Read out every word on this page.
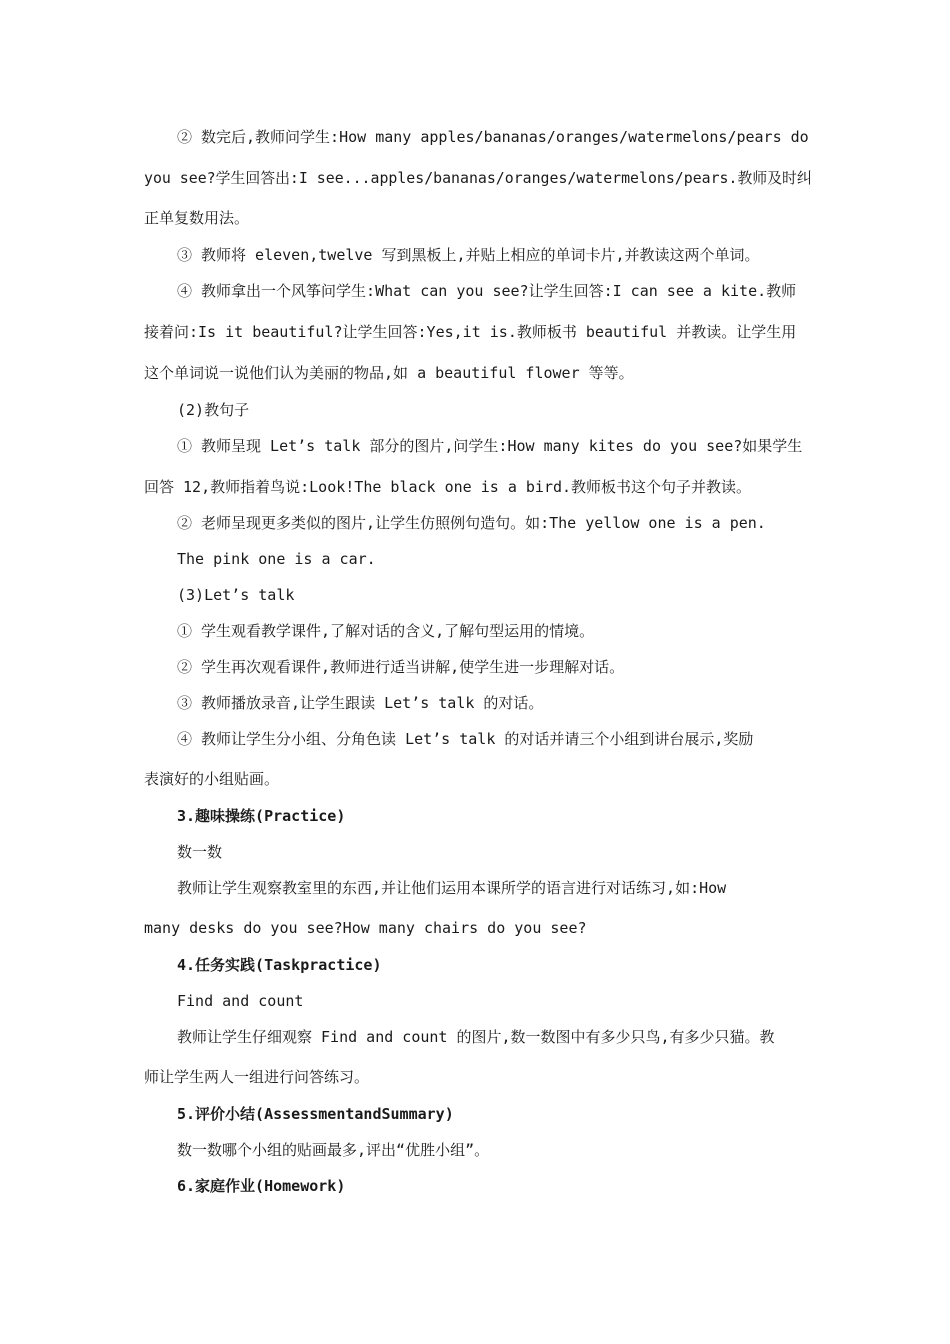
② 数完后,教师问学生:How many apples/bananas/oranges/watermelons/pears do
you see?学生回答出:I see...apples/bananas/oranges/watermelons/pears.教师及时纠
正单复数用法。
③ 教师将 eleven,twelve 写到黑板上,并贴上相应的单词卡片,并教读这两个单词。
④ 教师拿出一个风筝问学生:What can you see?让学生回答:I can see a kite.教师
接着问:Is it beautiful?让学生回答:Yes,it is.教师板书 beautiful 并教读。让学生用
这个单词说一说他们认为美丽的物品,如 a beautiful flower 等等。
(2)教句子
① 教师呈现 Let’s talk 部分的图片,问学生:How many kites do you see?如果学生
回答 12,教师指着鸟说:Look!The black one is a bird.教师板书这个句子并教读。
② 老师呈现更多类似的图片,让学生仿照例句造句。如:The yellow one is a pen.
The pink one is a car.
(3)Let’s talk
① 学生观看教学课件,了解对话的含义,了解句型运用的情境。
② 学生再次观看课件,教师进行适当讲解,使学生进一步理解对话。
③ 教师播放录音,让学生跟读 Let’s talk 的对话。
④ 教师让学生分小组、分角色读 Let’s talk 的对话并请三个小组到讲台展示,奖励
表演好的小组贴画。
3.趣味操练(Practice)
数一数
教师让学生观察教室里的东西,并让他们运用本课所学的语言进行对话练习,如:How
many desks do you see?How many chairs do you see?
4.任务实践(Taskpractice)
Find and count
教师让学生仔细观察 Find and count 的图片,数一数图中有多少只鸟,有多少只猫。教
师让学生两人一组进行问答练习。
5.评价小结(AssessmentandSummary)
数一数哪个小组的贴画最多,评出“优胜小组”。
6.家庭作业(Homework)
